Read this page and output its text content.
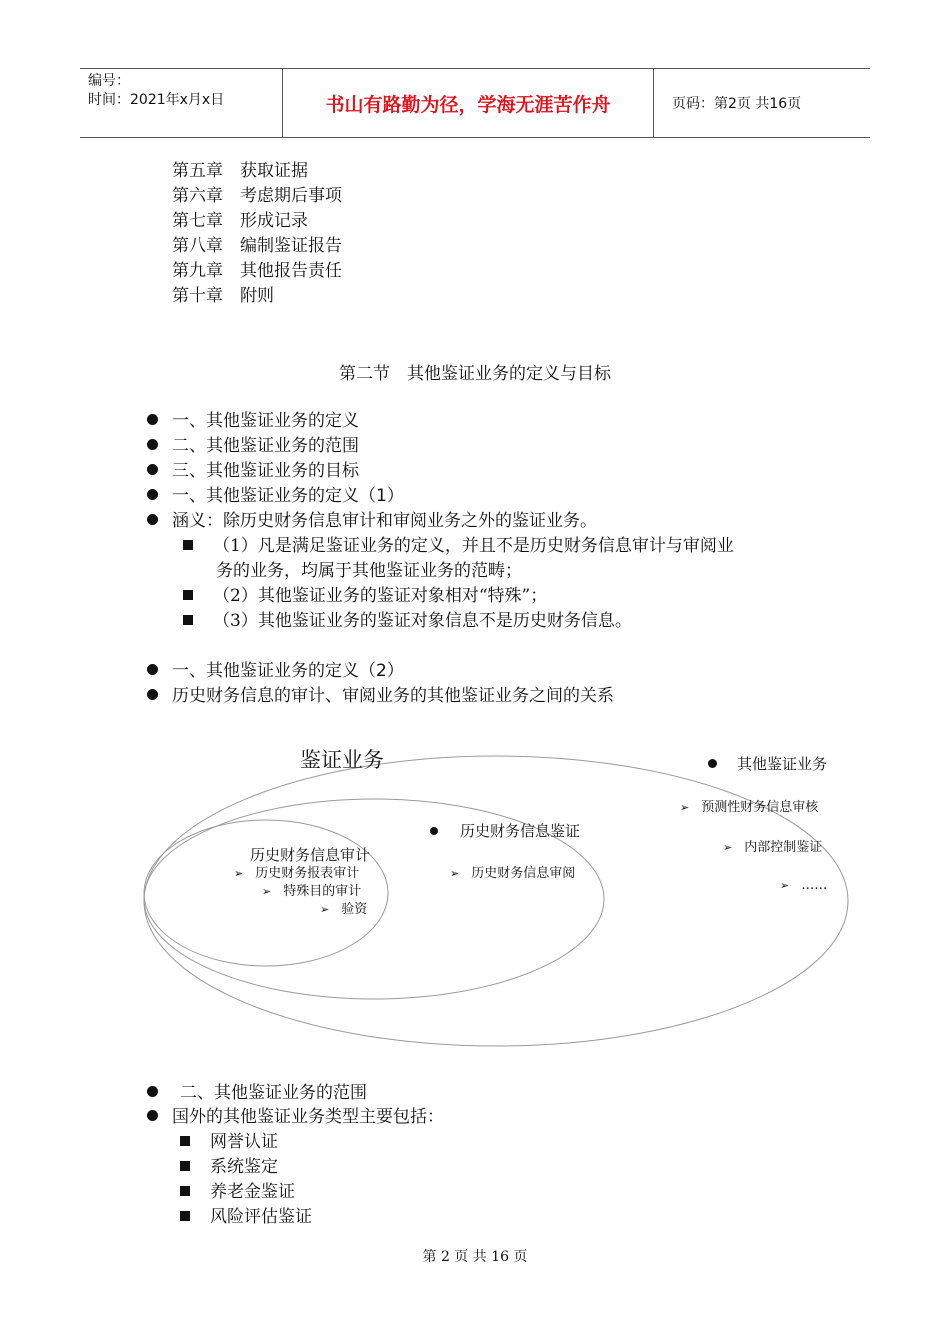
编号：
时间：2021年x月x日	书山有路勤为径，学海无涯苦作舟	页码：第2页 共16页
第五章　获取证据
第六章　考虑期后事项
第七章　形成记录
第八章　编制鉴证报告
第九章　其他报告责任
第十章　附则
第二节　其他鉴证业务的定义与目标
一、其他鉴证业务的定义
二、其他鉴证业务的范围
三、其他鉴证业务的目标
一、其他鉴证业务的定义（1）
涵义：除历史财务信息审计和审阅业务之外的鉴证业务。
（1）凡是满足鉴证业务的定义，并且不是历史财务信息审计与审阅业
务的业务，均属于其他鉴证业务的范畴；
（2）其他鉴证业务的鉴证对象相对“特殊”；
（3）其他鉴证业务的鉴证对象信息不是历史财务信息。
一、其他鉴证业务的定义（2）
历史财务信息的审计、审阅业务的其他鉴证业务之间的关系
鉴证业务	其他鉴证业务
➢ 预测性财务信息审核
➢ 内部控制鉴证
➢ ……
历史财务信息鉴证
➢ 历史财务信息审阅
历史财务信息审计
➢ 历史财务报表审计
➢ 特殊目的审计
➢ 验资
二、其他鉴证业务的范围
国外的其他鉴证业务类型主要包括：
网誉认证
系统鉴定
养老金鉴证
风险评估鉴证
第 2 页 共 16 页
